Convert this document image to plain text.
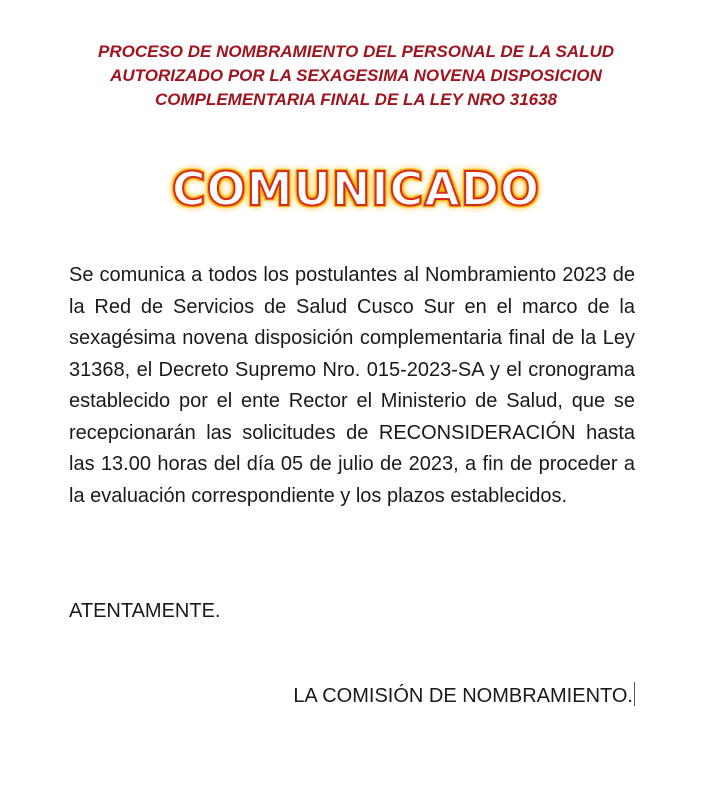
PROCESO DE NOMBRAMIENTO DEL PERSONAL DE LA SALUD
AUTORIZADO POR LA SEXAGESIMA NOVENA DISPOSICION
COMPLEMENTARIA FINAL DE LA LEY NRO 31638
COMUNICADO
Se comunica a todos los postulantes al Nombramiento 2023 de la Red de Servicios de Salud Cusco Sur en el marco de la sexagésima novena disposición complementaria final de la Ley 31368, el Decreto Supremo Nro. 015-2023-SA y el cronograma establecido por el ente Rector el Ministerio de Salud, que se recepcionarán las solicitudes de RECONSIDERACIÓN hasta las 13.00 horas del día 05 de julio de 2023, a fin de proceder a la evaluación correspondiente y los plazos establecidos.
ATENTAMENTE.
LA COMISIÓN DE NOMBRAMIENTO.
